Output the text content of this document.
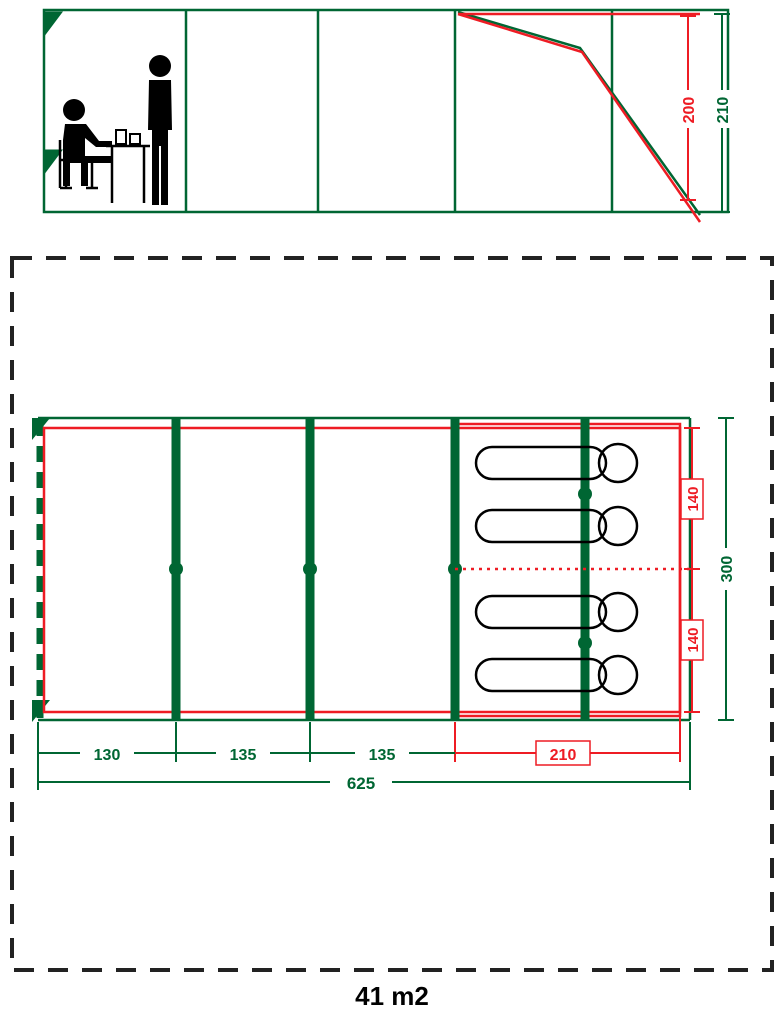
200 210
140
140
300
130	135	135	210
625
41 m2
